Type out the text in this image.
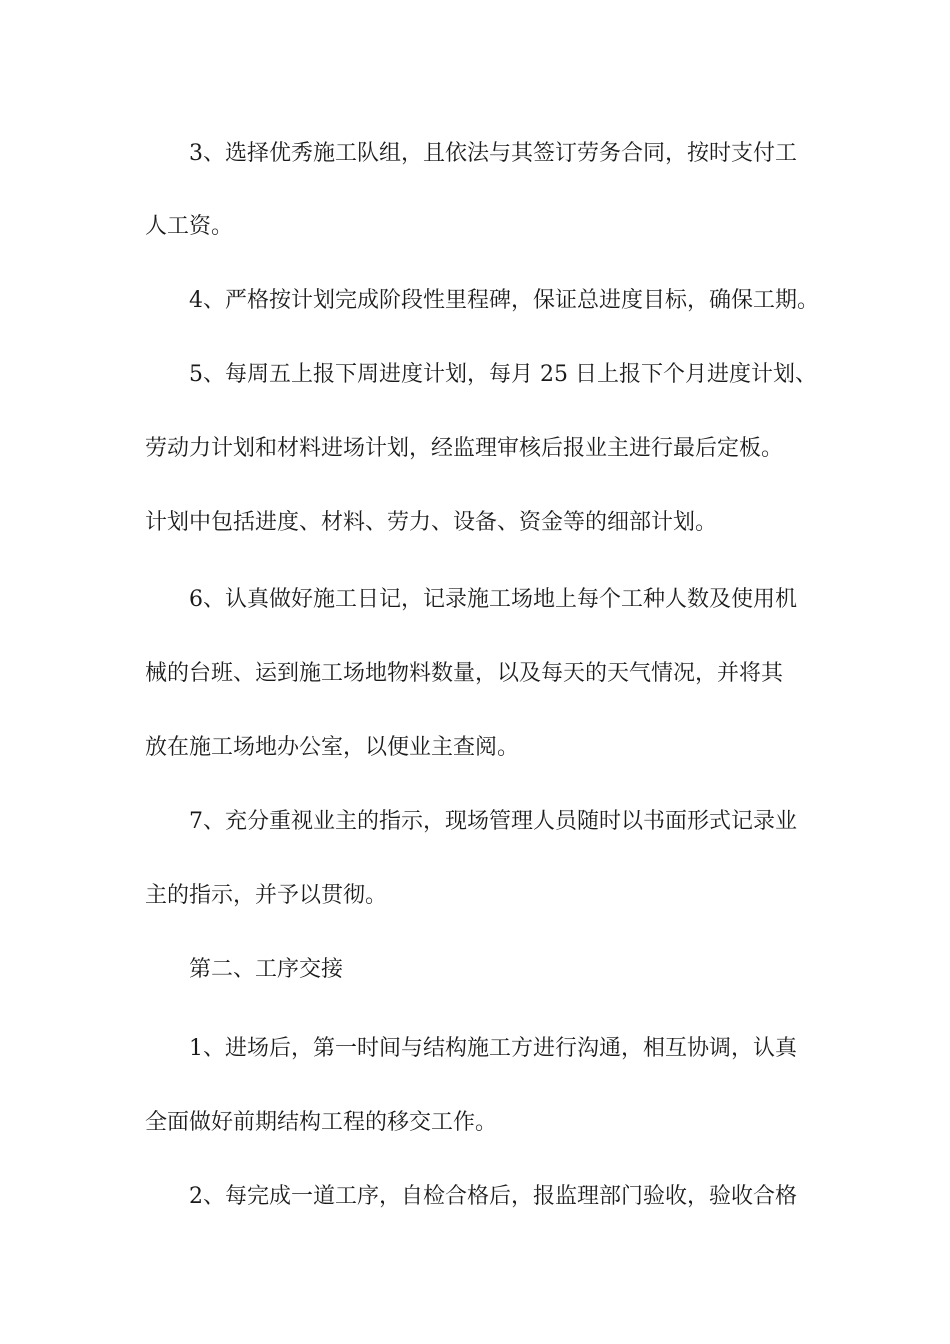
3、选择优秀施工队组，且依法与其签订劳务合同，按时支付工
人工资。
4、严格按计划完成阶段性里程碑，保证总进度目标，确保工期。
5、每周五上报下周进度计划，每月 25 日上报下个月进度计划、
劳动力计划和材料进场计划，经监理审核后报业主进行最后定板。
计划中包括进度、材料、劳力、设备、资金等的细部计划。
6、认真做好施工日记，记录施工场地上每个工种人数及使用机
械的台班、运到施工场地物料数量，以及每天的天气情况，并将其
放在施工场地办公室，以便业主查阅。
7、充分重视业主的指示，现场管理人员随时以书面形式记录业
主的指示，并予以贯彻。
第二、工序交接
1、进场后，第一时间与结构施工方进行沟通，相互协调，认真
全面做好前期结构工程的移交工作。
2、每完成一道工序，自检合格后，报监理部门验收，验收合格
